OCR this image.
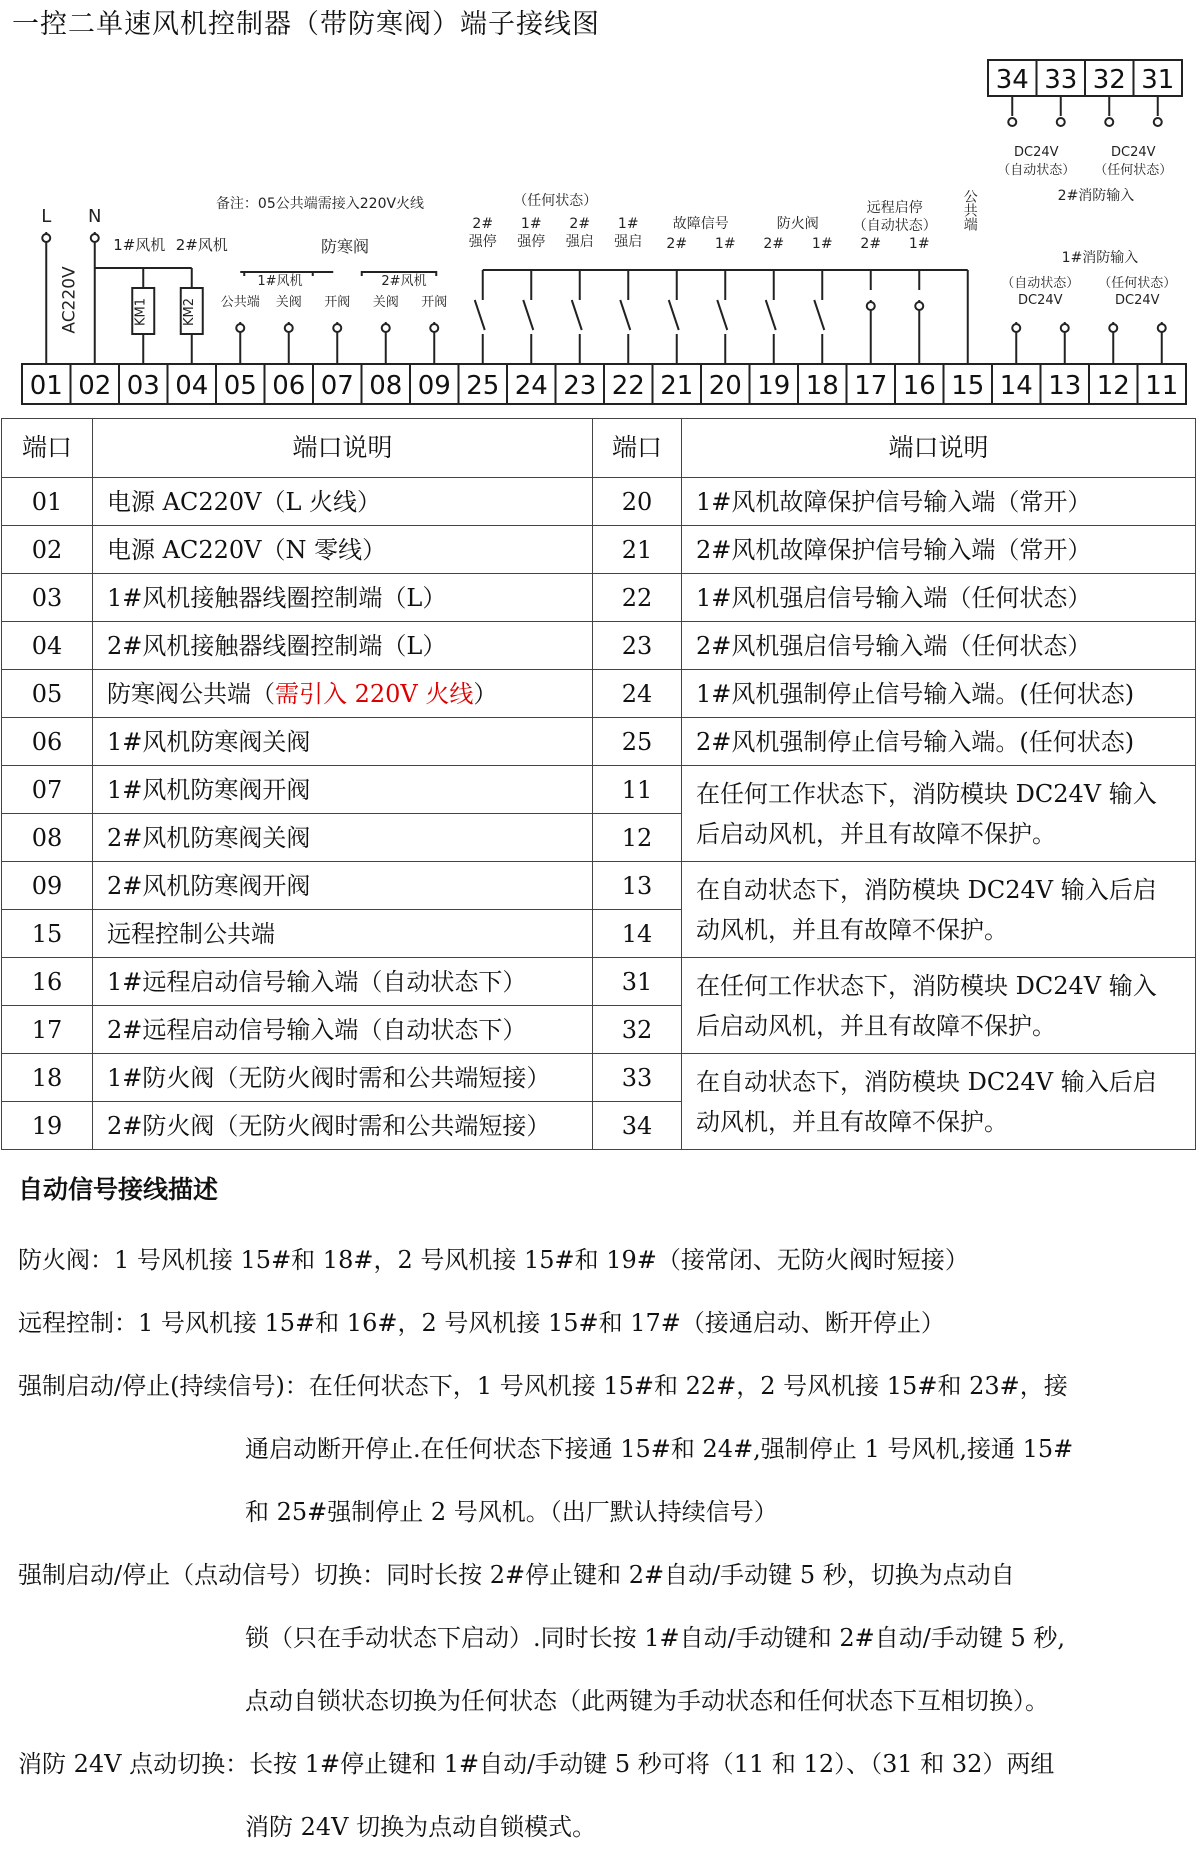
一控二单速风机控制器（带防寒阀）端子接线图
01 02 03 04 05 06 07 08 09 25 24 23 22 21 20 19 18 17 16 15 14 13 12 11
34 33 32 31
L N
AC220V	KM1	KM2
1#风机 2#风机
备注：05公共端需接入220V火线
防寒阀
1#风机	2#风机
公共端 关阀 开阀 关阀 开阀
（任何状态）
2#
强停
1#
强停
2#
强启
1#
强启
故障信号
2# 1#
防火阀
2# 1#
远程启停
（自动状态）
2# 1#
公共端
1#消防输入
（自动状态） （任何状态）
DC24V	DC24V
DC24V	DC24V
（自动状态） （任何状态）
2#消防输入
端口	端口说明	端口	端口说明
01	电源 AC220V（L 火线）	20	1#风机故障保护信号输入端（常开）
02	电源 AC220V（N 零线）	21	2#风机故障保护信号输入端（常开）
03	1#风机接触器线圈控制端（L）	22	1#风机强启信号输入端（任何状态）
04	2#风机接触器线圈控制端（L）	23	2#风机强启信号输入端（任何状态）
05	防寒阀公共端（需引入 220V 火线）	24	1#风机强制停止信号输入端。(任何状态)
06	1#风机防寒阀关阀	25	2#风机强制停止信号输入端。(任何状态)
07	1#风机防寒阀开阀	11	在任何工作状态下，消防模块 DC24V 输入
后启动风机，并且有故障不保护。

08	2#风机防寒阀关阀	12	
09	2#风机防寒阀开阀	13	在自动状态下，消防模块 DC24V 输入后启
动风机，并且有故障不保护。

15	远程控制公共端	14	
16	1#远程启动信号输入端（自动状态下）	31	在任何工作状态下，消防模块 DC24V 输入
后启动风机，并且有故障不保护。

17	2#远程启动信号输入端（自动状态下）	32	
18	1#防火阀（无防火阀时需和公共端短接）	33	在自动状态下，消防模块 DC24V 输入后启
动风机，并且有故障不保护。

19	2#防火阀（无防火阀时需和公共端短接）	34	
自动信号接线描述
防火阀：1 号风机接 15#和 18#，2 号风机接 15#和 19#（接常闭、无防火阀时短接）
远程控制：1 号风机接 15#和 16#，2 号风机接 15#和 17#（接通启动、断开停止）
强制启动/停止(持续信号)：在任何状态下，1 号风机接 15#和 22#，2 号风机接 15#和 23#，接
通启动断开停止.在任何状态下接通 15#和 24#,强制停止 1 号风机,接通 15#
和 25#强制停止 2 号风机。（出厂默认持续信号）
强制启动/停止（点动信号）切换：同时长按 2#停止键和 2#自动/手动键 5 秒，切换为点动自
锁（只在手动状态下启动）.同时长按 1#自动/手动键和 2#自动/手动键 5 秒,
点动自锁状态切换为任何状态（此两键为手动状态和任何状态下互相切换）。
消防 24V 点动切换：长按 1#停止键和 1#自动/手动键 5 秒可将（11 和 12）、（31 和 32）两组
消防 24V 切换为点动自锁模式。
